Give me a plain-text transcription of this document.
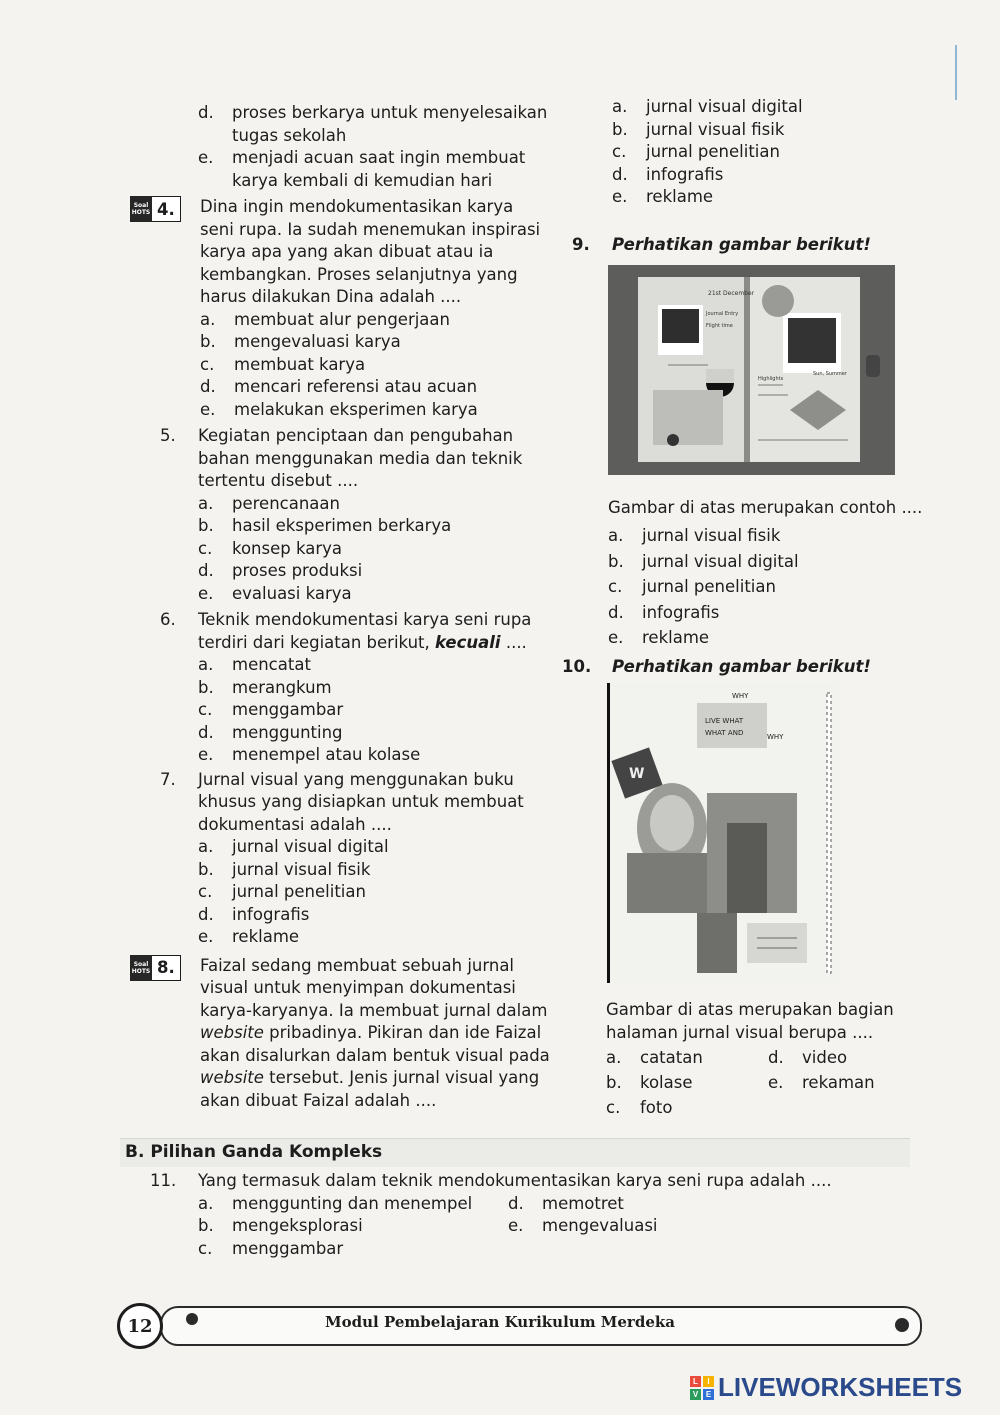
d.	proses berkarya untuk menyelesaikan
tugas sekolah
e.	menjadi acuan saat ingin membuat
karya kembali di kemudian hari
Soal
HOTS 4.	Dina ingin mendokumentasikan karya
seni rupa. Ia sudah menemukan inspirasi
karya apa yang akan dibuat atau ia
kembangkan. Proses selanjutnya yang
harus dilakukan Dina adalah ....
a.	membuat alur pengerjaan
b.	mengevaluasi karya
c.	membuat karya
d.	mencari referensi atau acuan
e.	melakukan eksperimen karya
5.	Kegiatan penciptaan dan pengubahan
bahan menggunakan media dan teknik
tertentu disebut ....
a.	perencanaan
b.	hasil eksperimen berkarya
c.	konsep karya
d.	proses produksi
e.	evaluasi karya
6.	Teknik mendokumentasi karya seni rupa
terdiri dari kegiatan berikut, kecuali ....
a.	mencatat
b.	merangkum
c.	menggambar
d.	menggunting
e.	menempel atau kolase
7.	Jurnal visual yang menggunakan buku
khusus yang disiapkan untuk membuat
dokumentasi adalah ....
a.	jurnal visual digital
b.	jurnal visual fisik
c.	jurnal penelitian
d.	infografis
e.	reklame
Soal
HOTS 8.	Faizal sedang membuat sebuah jurnal
visual untuk menyimpan dokumentasi
karya-karyanya. Ia membuat jurnal dalam
website pribadinya. Pikiran dan ide Faizal
akan disalurkan dalam bentuk visual pada
website tersebut. Jenis jurnal visual yang
akan dibuat Faizal adalah ....
a.	jurnal visual digital
b.	jurnal visual fisik
c.	jurnal penelitian
d.	infografis
e.	reklame
9.	Perhatikan gambar berikut!
21st December
Journal Entry
Flight time
Highlights
Sun, Summer
Gambar di atas merupakan contoh ....
a.	jurnal visual fisik
b.	jurnal visual digital
c.	jurnal penelitian
d.	infografis
e.	reklame
10.	Perhatikan gambar berikut!
WHY
LIVE WHAT
WHAT AND	WHY
W
Gambar di atas merupakan bagian
halaman jurnal visual berupa ....
a.	catatan
b.	kolase
c.	foto
d.	video
e.	rekaman
B. Pilihan Ganda Kompleks
11.	Yang termasuk dalam teknik mendokumentasikan karya seni rupa adalah ....
a.	menggunting dan menempel
b.	mengeksplorasi
c.	menggambar
d.	memotret
e.	mengevaluasi
12	Modul Pembelajaran Kurikulum Merdeka
L	I
V E LIVEWORKSHEETS
